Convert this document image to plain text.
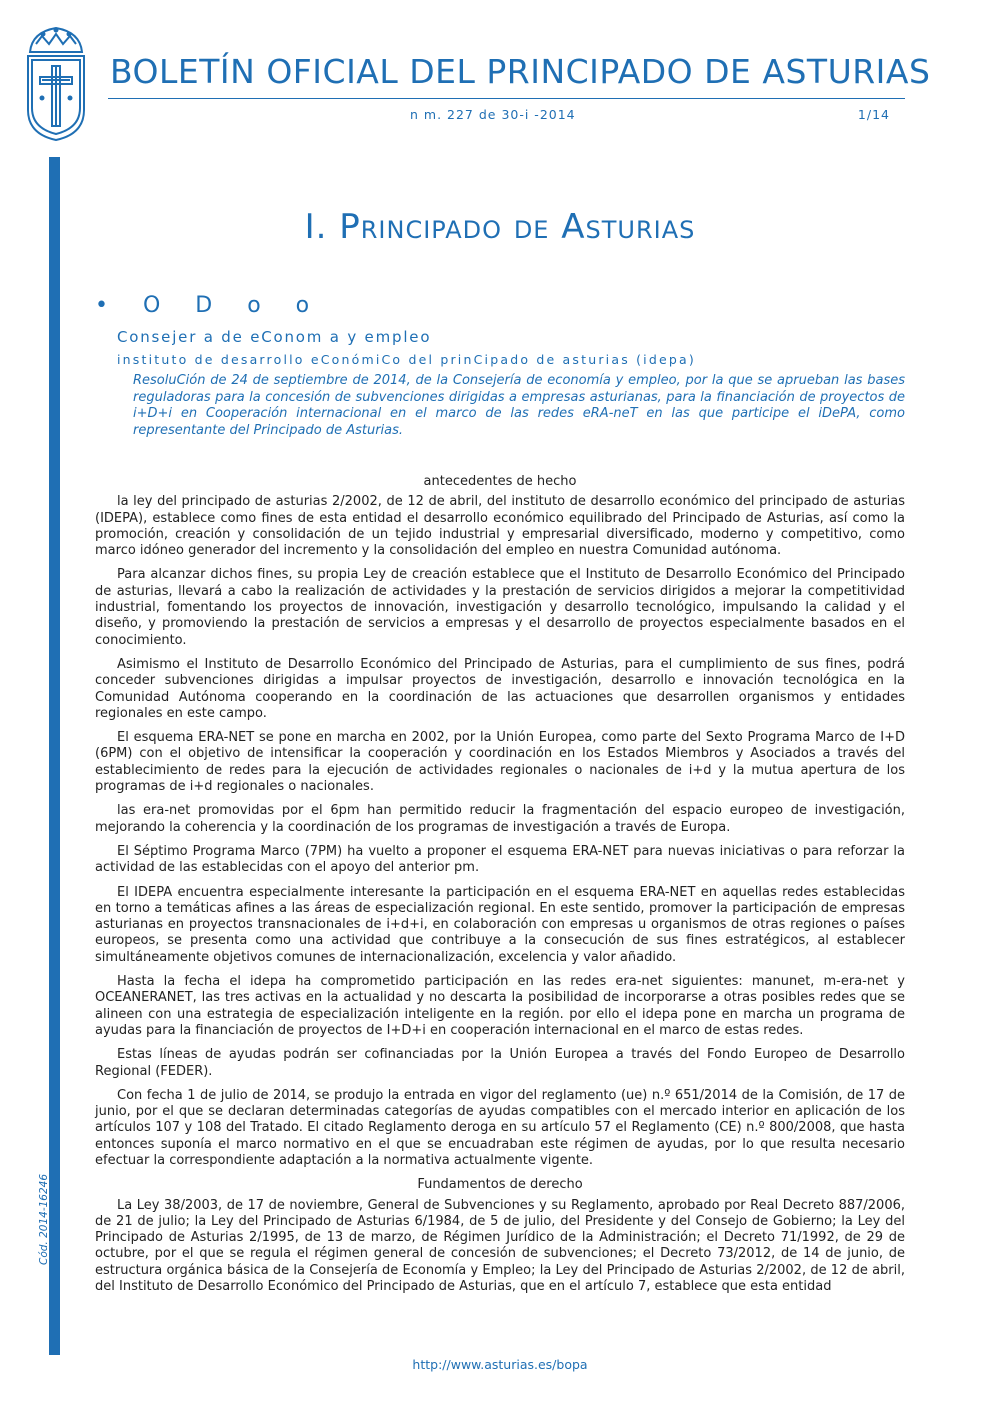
BOLETÍN OFICIAL DEL PRINCIPADO DE ASTURIAS
n m. 227 de 30-i -2014	1/14
Cód. 2014-16246
I. Principado de Asturias
• O D o o
Consejer a de eConom a y empleo
instituto de desarrollo eConómiCo del prinCipado de asturias (idepa)
ResoluCión de 24 de septiembre de 2014, de la Consejería de economía y empleo, por la que se aprueban las bases reguladoras para la concesión de subvenciones dirigidas a empresas asturianas, para la financiación de proyectos de i+D+i en Cooperación internacional en el marco de las redes eRA-neT en las que participe el iDePA, como representante del Principado de Asturias.
antecedentes de hecho

la ley del principado de asturias 2/2002, de 12 de abril, del instituto de desarrollo económico del principado de asturias (IDEPA), establece como fines de esta entidad el desarrollo económico equilibrado del Principado de Asturias, así como la promoción, creación y consolidación de un tejido industrial y empresarial diversificado, moderno y competitivo, como marco idóneo generador del incremento y la consolidación del empleo en nuestra Comunidad autónoma.

Para alcanzar dichos fines, su propia Ley de creación establece que el Instituto de Desarrollo Económico del Principado de asturias, llevará a cabo la realización de actividades y la prestación de servicios dirigidos a mejorar la competitividad industrial, fomentando los proyectos de innovación, investigación y desarrollo tecnológico, impulsando la calidad y el diseño, y promoviendo la prestación de servicios a empresas y el desarrollo de proyectos especialmente basados en el conocimiento.

Asimismo el Instituto de Desarrollo Económico del Principado de Asturias, para el cumplimiento de sus fines, podrá conceder subvenciones dirigidas a impulsar proyectos de investigación, desarrollo e innovación tecnológica en la Comunidad Autónoma cooperando en la coordinación de las actuaciones que desarrollen organismos y entidades regionales en este campo.

El esquema ERA-NET se pone en marcha en 2002, por la Unión Europea, como parte del Sexto Programa Marco de I+D (6PM) con el objetivo de intensificar la cooperación y coordinación en los Estados Miembros y Asociados a través del establecimiento de redes para la ejecución de actividades regionales o nacionales de i+d y la mutua apertura de los programas de i+d regionales o nacionales.

las era-net promovidas por el 6pm han permitido reducir la fragmentación del espacio europeo de investigación, mejorando la coherencia y la coordinación de los programas de investigación a través de Europa.

El Séptimo Programa Marco (7PM) ha vuelto a proponer el esquema ERA-NET para nuevas iniciativas o para reforzar la actividad de las establecidas con el apoyo del anterior pm.

El IDEPA encuentra especialmente interesante la participación en el esquema ERA-NET en aquellas redes establecidas en torno a temáticas afines a las áreas de especialización regional. En este sentido, promover la participación de empresas asturianas en proyectos transnacionales de i+d+i, en colaboración con empresas u organismos de otras regiones o países europeos, se presenta como una actividad que contribuye a la consecución de sus fines estratégicos, al establecer simultáneamente objetivos comunes de internacionalización, excelencia y valor añadido.

Hasta la fecha el idepa ha comprometido participación en las redes era-net siguientes: manunet, m-era-net y OCEANERANET, las tres activas en la actualidad y no descarta la posibilidad de incorporarse a otras posibles redes que se alineen con una estrategia de especialización inteligente en la región. por ello el idepa pone en marcha un programa de ayudas para la financiación de proyectos de I+D+i en cooperación internacional en el marco de estas redes.

Estas líneas de ayudas podrán ser cofinanciadas por la Unión Europea a través del Fondo Europeo de Desarrollo Regional (FEDER).

Con fecha 1 de julio de 2014, se produjo la entrada en vigor del reglamento (ue) n.º 651/2014 de la Comisión, de 17 de junio, por el que se declaran determinadas categorías de ayudas compatibles con el mercado interior en aplicación de los artículos 107 y 108 del Tratado. El citado Reglamento deroga en su artículo 57 el Reglamento (CE) n.º 800/2008, que hasta entonces suponía el marco normativo en el que se encuadraban este régimen de ayudas, por lo que resulta necesario efectuar la correspondiente adaptación a la normativa actualmente vigente.

Fundamentos de derecho

La Ley 38/2003, de 17 de noviembre, General de Subvenciones y su Reglamento, aprobado por Real Decreto 887/2006, de 21 de julio; la Ley del Principado de Asturias 6/1984, de 5 de julio, del Presidente y del Consejo de Gobierno; la Ley del Principado de Asturias 2/1995, de 13 de marzo, de Régimen Jurídico de la Administración; el Decreto 71/1992, de 29 de octubre, por el que se regula el régimen general de concesión de subvenciones; el Decreto 73/2012, de 14 de junio, de estructura orgánica básica de la Consejería de Economía y Empleo; la Ley del Principado de Asturias 2/2002, de 12 de abril, del Instituto de Desarrollo Económico del Principado de Asturias, que en el artículo 7, establece que esta entidad

http://www.asturias.es/bopa
